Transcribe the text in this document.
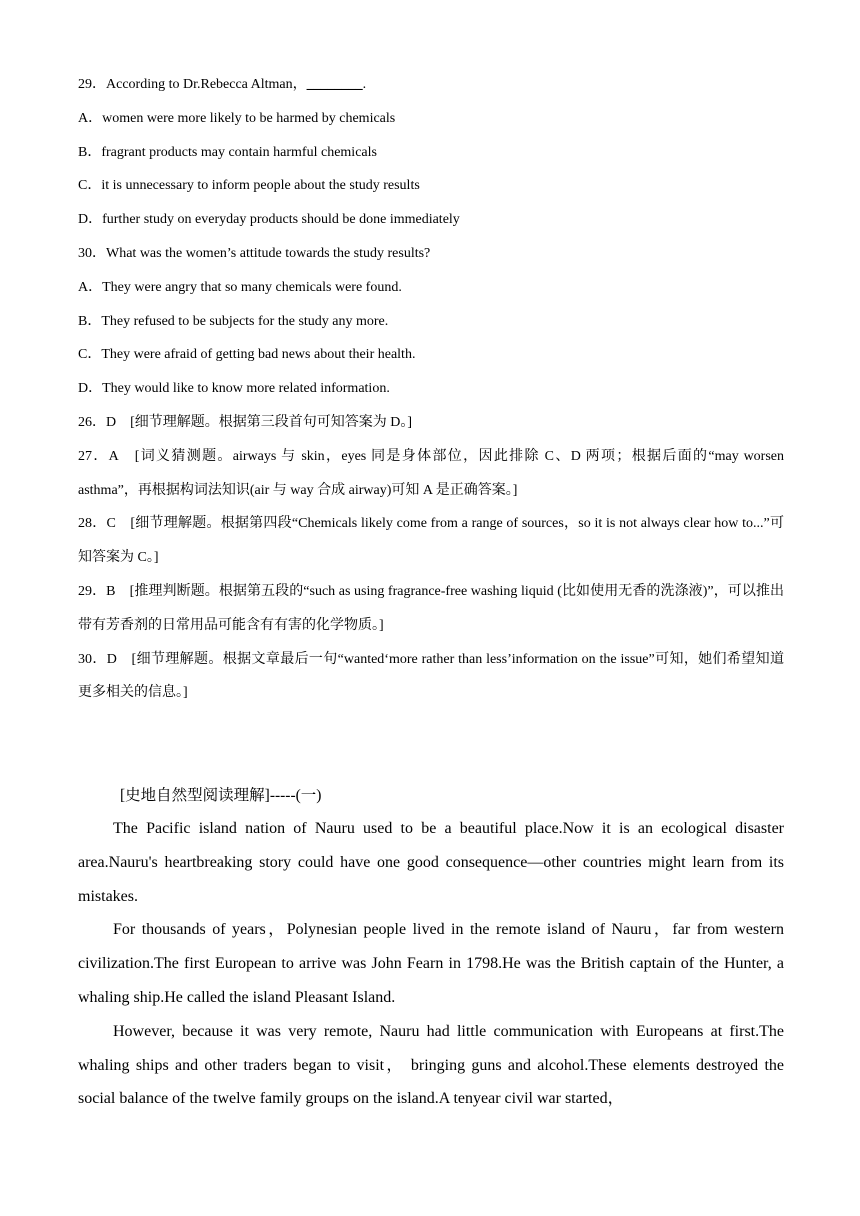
29．According to Dr.Rebecca Altman，________.

A．women were more likely to be harmed by chemicals

B．fragrant products may contain harmful chemicals

C．it is unnecessary to inform people about the study results

D．further study on everyday products should be done immediately

30．What was the women’s attitude towards the study results?

A．They were angry that so many chemicals were found.

B．They refused to be subjects for the study any more.

C．They were afraid of getting bad news about their health.

D．They would like to know more related information.

26．D　[细节理解题。根据第三段首句可知答案为 D。]

27．A　[词义猜测题。airways 与 skin，eyes 同是身体部位，因此排除 C、D 两项；根据后面的“may worsen asthma”，再根据构词法知识(air 与 way 合成 airway)可知 A 是正确答案。]

28．C　[细节理解题。根据第四段“Chemicals likely come from a range of sources，so it is not always clear how to...”可知答案为 C。]

29．B　[推理判断题。根据第五段的“such as using fragrance-free washing liquid (比如使用无香的洗涤液)”，可以推出带有芳香剂的日常用品可能含有有害的化学物质。]

30．D　[细节理解题。根据文章最后一句“wanted‘more rather than less’information on the issue”可知，她们希望知道更多相关的信息。]

[史地自然型阅读理解]-----(一)

The Pacific island nation of Nauru used to be a beautiful place.Now it is an ecological disaster area.Nauru's heartbreaking story could have one good consequence—other countries might learn from its mistakes.

For thousands of years，Polynesian people lived in the remote island of Nauru，far from western civilization.The first European to arrive was John Fearn in 1798.He was the British captain of the Hunter, a whaling ship.He called the island Pleasant Island.

However, because it was very remote, Nauru had little communication with Europeans at first.The whaling ships and other traders began to visit， bringing guns and alcohol.These elements destroyed the social balance of the twelve family groups on the island.A tenyear civil war started，
